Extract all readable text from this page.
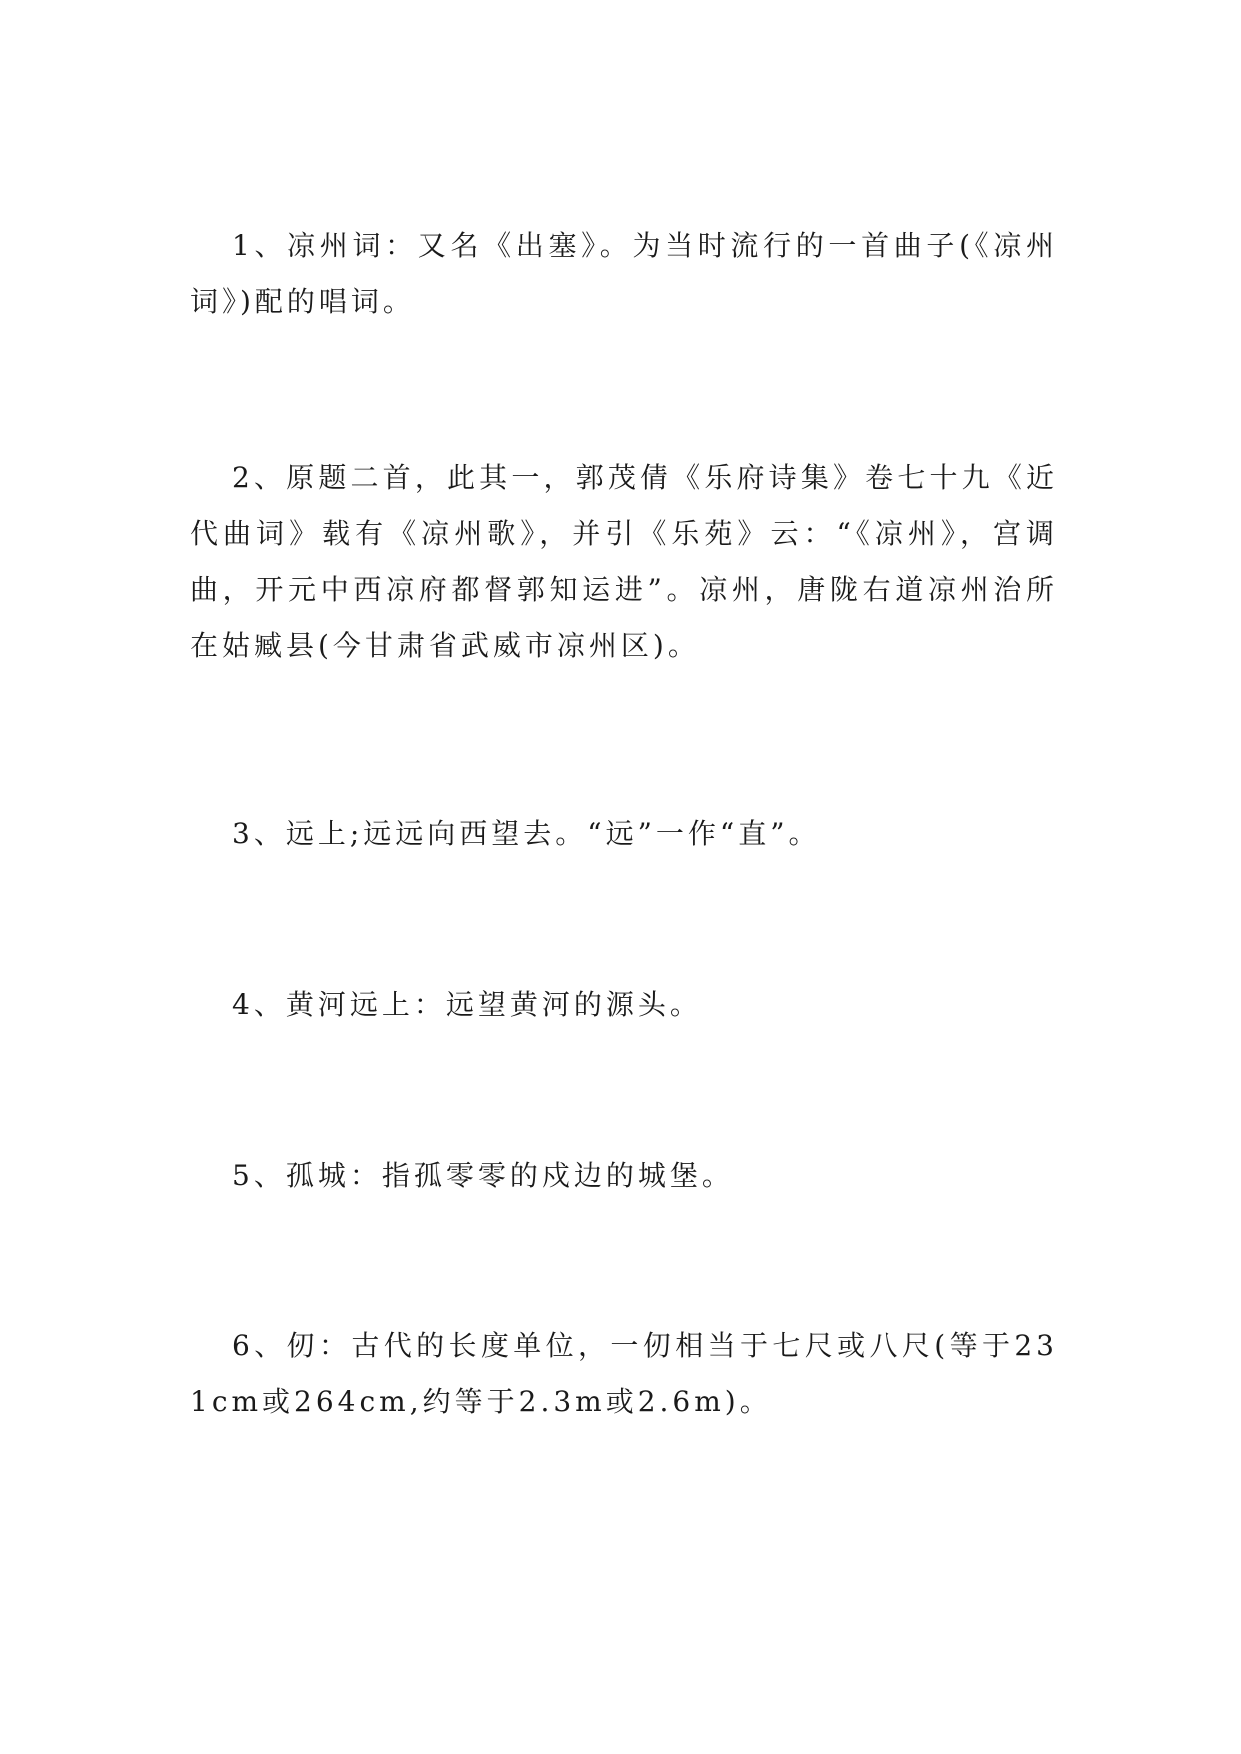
1、凉州词：又名《出塞》。为当时流行的一首曲子(《凉州词》)配的唱词。

2、原题二首，此其一，郭茂倩《乐府诗集》卷七十九《近代曲词》载有《凉州歌》，并引《乐苑》云：“《凉州》，宫调曲，开元中西凉府都督郭知运进”。凉州，唐陇右道凉州治所在姑臧县(今甘肃省武威市凉州区)。

3、远上;远远向西望去。“远”一作“直”。

4、黄河远上：远望黄河的源头。

5、孤城：指孤零零的戍边的城堡。

6、仞：古代的长度单位，一仞相当于七尺或八尺(等于231cm或264cm,约等于2.3m或2.6m)。
